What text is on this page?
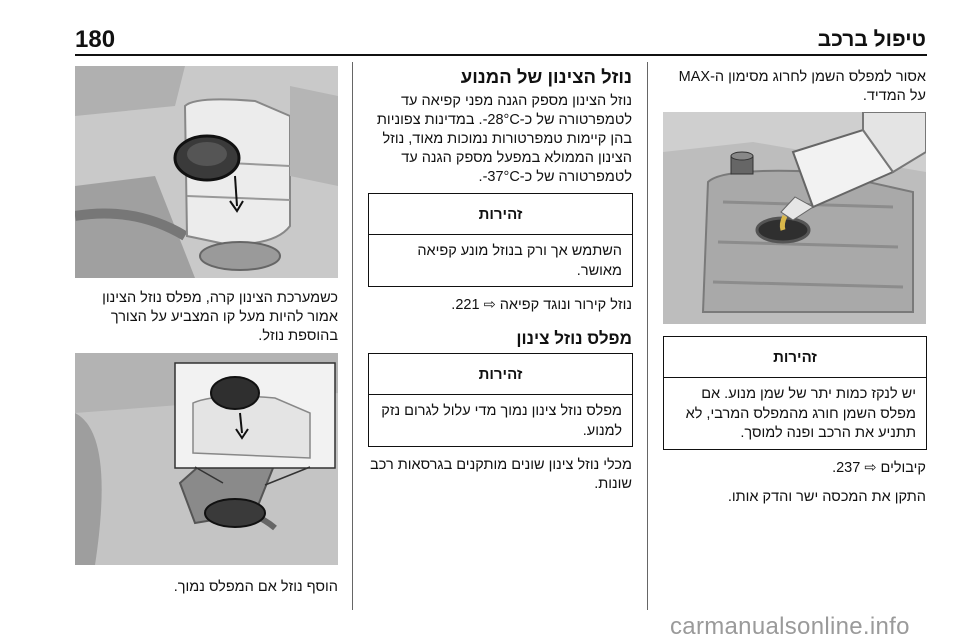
180	טיפול ברכב

אסור למפלס השמן לחרוג מסימון ה-MAX על המדיד.

זהירות
יש לנקז כמות יתר של שמן מנוע. אם מפלס השמן חורג מהמפלס המרבי, לא תתניע את הרכב ופנה למוסך.

קיבולים ⇨ 237.

התקן את המכסה ישר והדק אותו.

נוזל הצינון של המנוע

נוזל הצינון מספק הגנה מפני קפיאה עד לטמפרטורה של כ-‎-28°C. במדינות צפוניות בהן קיימות טמפרטורות נמוכות מאוד, נוזל הצינון הממולא במפעל מספק הגנה עד לטמפרטורה של כ-‎-37°C.

זהירות
השתמש אך ורק בנוזל מונע קפיאה מאושר.

נוזל קירור ונוגד קפיאה ⇨ 221.

מפלס נוזל צינון

זהירות
מפלס נוזל צינון נמוך מדי עלול לגרום נזק למנוע.

מכלי נוזל צינון שונים מותקנים בגרסאות רכב שונות.

כשמערכת הצינון קרה, מפלס נוזל הצינון אמור להיות מעל קו המצביע על הצורך בהוספת נוזל.

הוסף נוזל אם המפלס נמוך.

carmanualsonline.info
